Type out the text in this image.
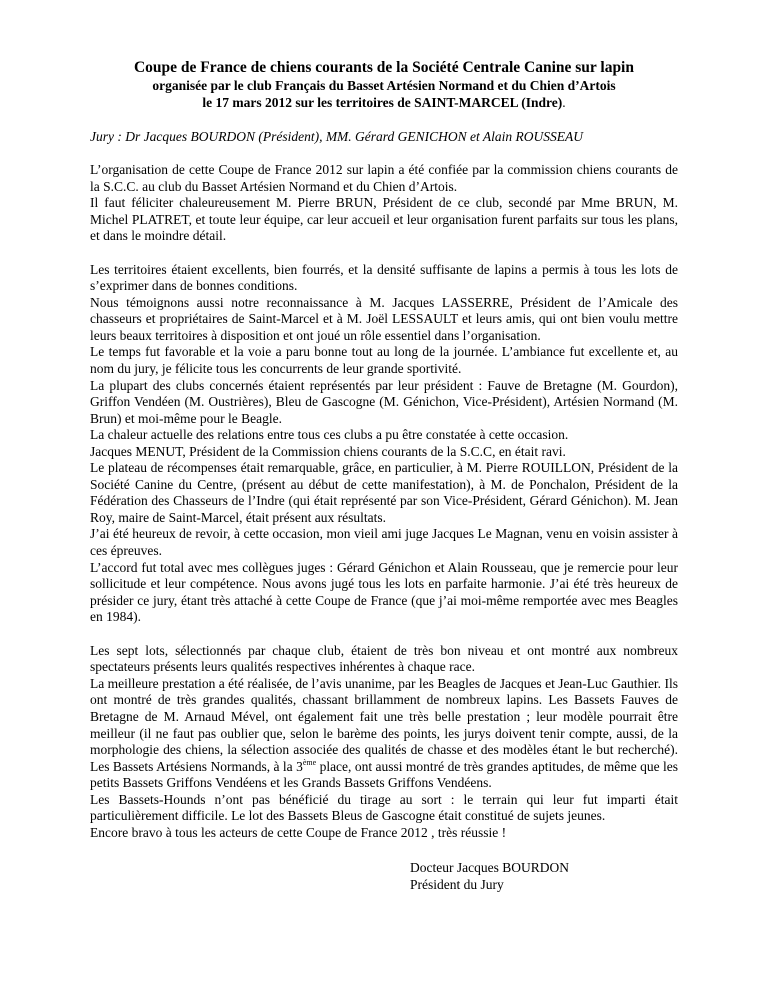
Coupe de France de chiens courants de la Société Centrale Canine sur lapin

organisée par le club Français du Basset Artésien Normand et du Chien d’Artois
le 17 mars 2012 sur les territoires de SAINT-MARCEL (Indre).

Jury : Dr Jacques BOURDON (Président), MM. Gérard GENICHON et Alain ROUSSEAU

L’organisation de cette Coupe de France 2012 sur lapin a été confiée par la commission chiens courants de la S.C.C. au club du Basset Artésien Normand et du Chien d’Artois.
Il faut féliciter chaleureusement M. Pierre BRUN, Président de ce club, secondé par Mme BRUN, M. Michel PLATRET, et toute leur équipe, car leur accueil et leur organisation furent parfaits sur tous les plans, et dans le moindre détail.
Les territoires étaient excellents, bien fourrés, et la densité suffisante de lapins a permis à tous les lots de s’exprimer dans de bonnes conditions.
Nous témoignons aussi notre reconnaissance à M. Jacques LASSERRE, Président de l’Amicale des chasseurs et propriétaires de Saint-Marcel et à M. Joël LESSAULT et leurs amis, qui ont bien voulu mettre leurs beaux territoires à disposition et ont joué un rôle essentiel dans l’organisation.
Le temps fut favorable et la voie a paru bonne tout au long de la journée. L’ambiance fut excellente et, au nom du jury, je félicite tous les concurrents de leur grande sportivité.
La plupart des clubs concernés étaient représentés par leur président : Fauve de Bretagne (M. Gourdon), Griffon Vendéen (M. Oustrières), Bleu de Gascogne (M. Génichon, Vice-Président), Artésien Normand (M. Brun) et moi-même pour le Beagle.
La chaleur actuelle des relations entre tous ces clubs a pu être constatée à cette occasion.
Jacques MENUT, Président de la Commission chiens courants de la S.C.C, en était ravi.
Le plateau de récompenses était remarquable, grâce, en particulier, à M. Pierre ROUILLON, Président de la Société Canine du Centre, (présent au début de cette manifestation), à M. de Ponchalon, Président de la Fédération des Chasseurs de l’Indre (qui était représenté par son Vice-Président, Gérard Génichon). M. Jean Roy, maire de Saint-Marcel, était présent aux résultats.
J’ai été heureux de revoir, à cette occasion, mon vieil ami juge Jacques Le Magnan, venu en voisin assister à ces épreuves.
L’accord fut total avec mes collègues juges : Gérard Génichon et Alain Rousseau, que je remercie pour leur sollicitude et leur compétence. Nous avons jugé tous les lots en parfaite harmonie. J’ai été très heureux de présider ce jury, étant très attaché à cette Coupe de France (que j’ai moi-même remportée avec mes Beagles en 1984).
Les sept lots, sélectionnés par chaque club, étaient de très bon niveau et ont montré aux nombreux spectateurs présents leurs qualités respectives inhérentes à chaque race.
La meilleure prestation a été réalisée, de l’avis unanime, par les Beagles de Jacques et Jean-Luc Gauthier. Ils ont montré de très grandes qualités, chassant brillamment de nombreux lapins. Les Bassets Fauves de Bretagne de M. Arnaud Mével, ont également fait une très belle prestation ; leur modèle pourrait être meilleur (il ne faut pas oublier que, selon le barème des points, les jurys doivent tenir compte, aussi, de la morphologie des chiens, la sélection associée des qualités de chasse et des modèles étant le but recherché). Les Bassets Artésiens Normands, à la 3ème place, ont aussi montré de très grandes aptitudes, de même que les petits Bassets Griffons Vendéens et les Grands Bassets Griffons Vendéens.
Les Bassets-Hounds n’ont pas bénéficié du tirage au sort : le terrain qui leur fut imparti était particulièrement difficile. Le lot des Bassets Bleus de Gascogne était constitué de sujets jeunes.
Encore bravo à tous les acteurs de cette Coupe de France 2012 , très réussie !
Docteur Jacques BOURDON
Président du Jury
